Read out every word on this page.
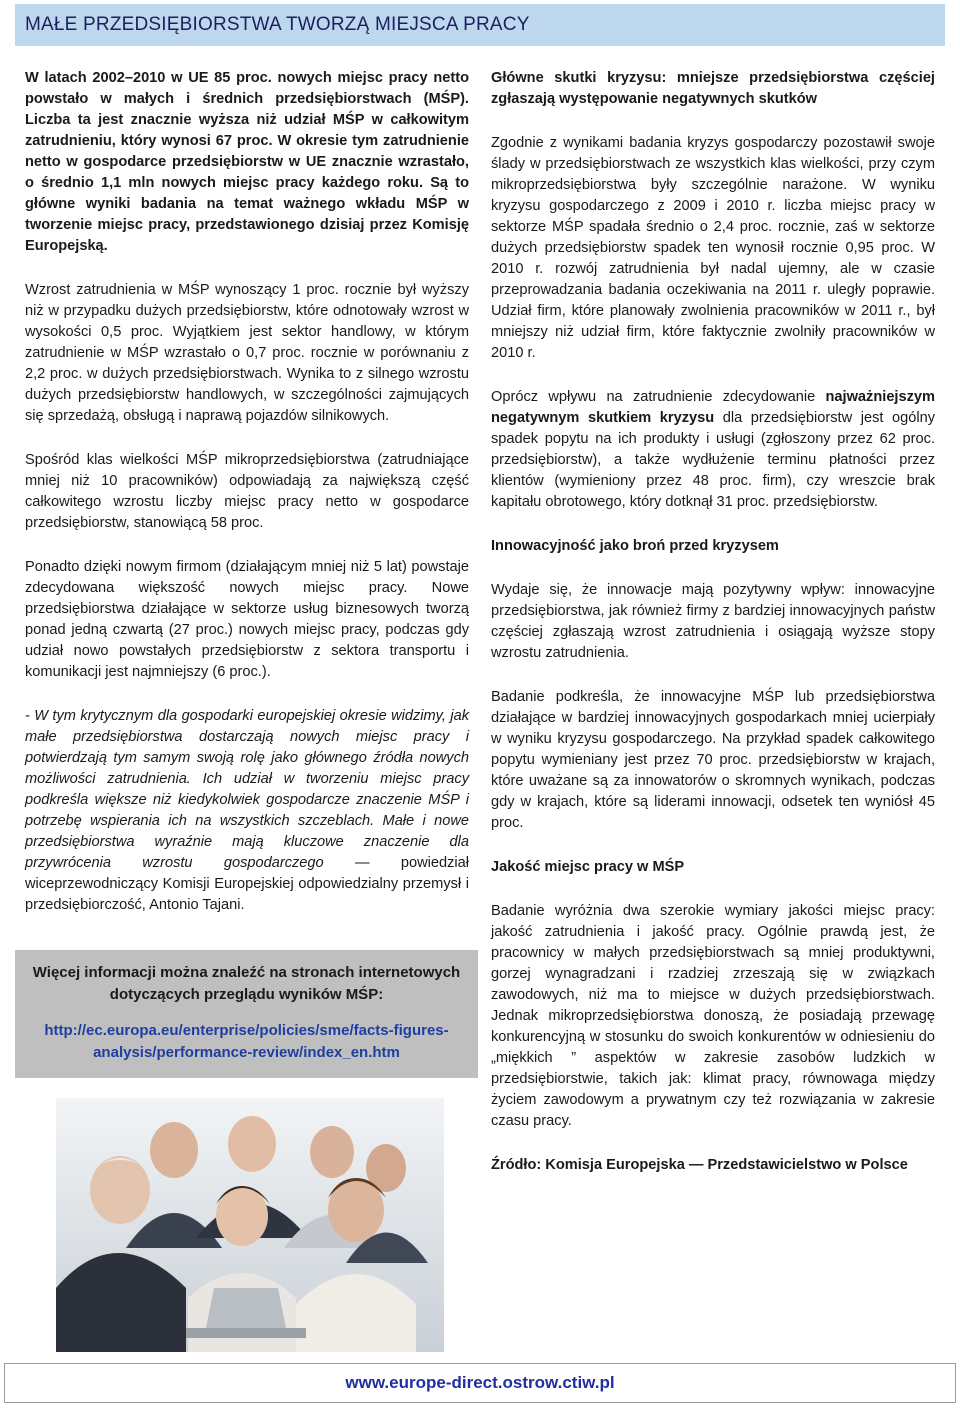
MAŁE PRZEDSIĘBIORSTWA TWORZĄ MIEJSCA PRACY

W latach 2002–2010 w UE 85 proc. nowych miejsc pracy netto powstało w małych i średnich przedsiębiorstwach (MŚP). Liczba ta jest znacznie wyższa niż udział MŚP w całkowitym zatrudnieniu, który wynosi 67 proc. W okresie tym zatrudnienie netto w gospodarce przedsiębiorstw w UE znacznie wzrastało, o średnio 1,1 mln nowych miejsc pracy każdego roku. Są to główne wyniki badania na temat ważnego wkładu MŚP w tworzenie miejsc pracy, przedstawionego dzisiaj przez Komisję Europejską.

Wzrost zatrudnienia w MŚP wynoszący 1 proc. rocznie był wyższy niż w przypadku dużych przedsiębiorstw, które odnotowały wzrost w wysokości 0,5 proc. Wyjątkiem jest sektor handlowy, w którym zatrudnienie w MŚP wzrastało o 0,7 proc. rocznie w porównaniu z 2,2 proc. w dużych przedsiębiorstwach. Wynika to z silnego wzrostu dużych przedsiębiorstw handlowych, w szczególności zajmujących się sprzedażą, obsługą i naprawą pojazdów silnikowych.

Spośród klas wielkości MŚP mikroprzedsiębiorstwa (zatrudniające mniej niż 10 pracowników) odpowiadają za największą część całkowitego wzrostu liczby miejsc pracy netto w gospodarce przedsiębiorstw, stanowiącą 58 proc.

Ponadto dzięki nowym firmom (działającym mniej niż 5 lat) powstaje zdecydowana większość nowych miejsc pracy. Nowe przedsiębiorstwa działające w sektorze usług biznesowych tworzą ponad jedną czwartą (27 proc.) nowych miejsc pracy, podczas gdy udział nowo powstałych przedsiębiorstw z sektora transportu i komunikacji jest najmniejszy (6 proc.).

- W tym krytycznym dla gospodarki europejskiej okresie widzimy, jak małe przedsiębiorstwa dostarczają nowych miejsc pracy i potwierdzają tym samym swoją rolę jako głównego źródła nowych możliwości zatrudnienia. Ich udział w tworzeniu miejsc pracy podkreśla większe niż kiedykolwiek gospodarcze znaczenie MŚP i potrzebę wspierania ich na wszystkich szczeblach. Małe i nowe przedsiębiorstwa wyraźnie mają kluczowe znaczenie dla przywrócenia wzrostu gospodarczego — powiedział wiceprzewodniczący Komisji Europejskiej odpowiedzialny przemysł i przedsiębiorczość, Antonio Tajani.

Więcej informacji można znaleźć na stronach internetowych dotyczących przeglądu wyników MŚP:
http://ec.europa.eu/enterprise/policies/sme/facts-figures-analysis/performance-review/index_en.htm

Główne skutki kryzysu: mniejsze przedsiębiorstwa częściej zgłaszają występowanie negatywnych skutków

Zgodnie z wynikami badania kryzys gospodarczy pozostawił swoje ślady w przedsiębiorstwach ze wszystkich klas wielkości, przy czym mikroprzedsiębiorstwa były szczególnie narażone. W wyniku kryzysu gospodarczego z 2009 i 2010 r. liczba miejsc pracy w sektorze MŚP spadała średnio o 2,4 proc. rocznie, zaś w sektorze dużych przedsiębiorstw spadek ten wynosił rocznie 0,95 proc. W 2010 r. rozwój zatrudnienia był nadal ujemny, ale w czasie przeprowadzania badania oczekiwania na 2011 r. uległy poprawie. Udział firm, które planowały zwolnienia pracowników w 2011 r., był mniejszy niż udział firm, które faktycznie zwolniły pracowników w 2010 r.

Oprócz wpływu na zatrudnienie zdecydowanie najważniejszym negatywnym skutkiem kryzysu dla przedsiębiorstw jest ogólny spadek popytu na ich produkty i usługi (zgłoszony przez 62 proc. przedsiębiorstw), a także wydłużenie terminu płatności przez klientów (wymieniony przez 48 proc. firm), czy wreszcie brak kapitału obrotowego, który dotknął 31 proc. przedsiębiorstw.

Innowacyjność jako broń przed kryzysem

Wydaje się, że innowacje mają pozytywny wpływ: innowacyjne przedsiębiorstwa, jak również firmy z bardziej innowacyjnych państw częściej zgłaszają wzrost zatrudnienia i osiągają wyższe stopy wzrostu zatrudnienia.

Badanie podkreśla, że innowacyjne MŚP lub przedsiębiorstwa działające w bardziej innowacyjnych gospodarkach mniej ucierpiały w wyniku kryzysu gospodarczego. Na przykład spadek całkowitego popytu wymieniany jest przez 70 proc. przedsiębiorstw w krajach, które uważane są za innowatorów o skromnych wynikach, podczas gdy w krajach, które są liderami innowacji, odsetek ten wyniósł 45 proc.

Jakość miejsc pracy w MŚP

Badanie wyróżnia dwa szerokie wymiary jakości miejsc pracy: jakość zatrudnienia i jakość pracy. Ogólnie prawdą jest, że pracownicy w małych przedsiębiorstwach są mniej produktywni, gorzej wynagradzani i rzadziej zrzeszają się w związkach zawodowych, niż ma to miejsce w dużych przedsiębiorstwach. Jednak mikroprzedsiębiorstwa donoszą, że posiadają przewagę konkurencyjną w stosunku do swoich konkurentów w odniesieniu do „miękkich ” aspektów w zakresie zasobów ludzkich w przedsiębiorstwie, takich jak: klimat pracy, równowaga między życiem zawodowym a prywatnym czy też rozwiązania w zakresie czasu pracy.

Źródło: Komisja Europejska — Przedstawicielstwo w Polsce

www.europe-direct.ostrow.ctiw.pl
